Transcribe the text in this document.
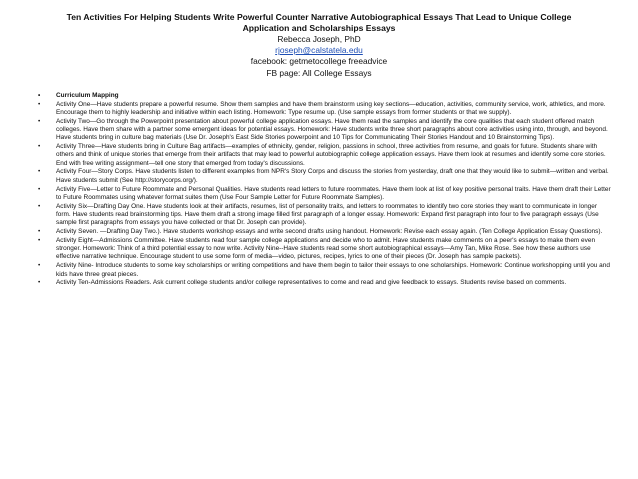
Ten Activities For Helping Students Write Powerful Counter Narrative Autobiographical Essays That Lead to Unique College Application and Scholarships Essays
Rebecca Joseph, PhD
rjoseph@calstatela.edu
facebook: getmetocollege freeadvice
FB page: All College Essays
• Curriculum Mapping
• Activity One—Have students prepare a powerful resume. Show them samples and have them brainstorm using key sections—education, activities, community service, work, athletics, and more. Encourage them to highly leadership and initiative within each listing. Homework: Type resume up. (Use sample essays from former students or that we supply).
• Activity Two—Go through the Powerpoint presentation about powerful college application essays. Have them read the samples and identify the core qualities that each student offered match colleges. Have them share with a partner some emergent ideas for potential essays. Homework: Have students write three short paragraphs about core activities using into, through, and beyond. Have students bring in culture bag materials (Use Dr. Joseph's East Side Stories powerpoint and 10 Tips for Communicating Their Stories Handout and 10 Brainstorming Tips).
• Activity Three—Have students bring in Culture Bag artifacts—examples of ethnicity, gender, religion, passions in school, three activities from resume, and goals for future. Students share with others and think of unique stories that emerge from their artifacts that may lead to powerful autobiographic college application essays. Have them look at resumes and identify some core stories. End with free writing assignment—tell one story that emerged from today's discussions.
• Activity Four—Story Corps. Have students listen to different examples from NPR's Story Corps and discuss the stories from yesterday, draft one that they would like to submit—written and verbal. Have students submit (See http://storycorps.org/).
• Activity Five—Letter to Future Roommate and Personal Qualities. Have students read letters to future roommates. Have them look at list of key positive personal traits. Have them draft their Letter to Future Roommates using whatever format suites them (Use Four Sample Letter for Future Roommate Samples).
• Activity Six—Drafting Day One. Have students look at their artifacts, resumes, list of personality traits, and letters to roommates to identify two core stories they want to communicate in longer form. Have students read brainstorming tips. Have them draft a strong image filled first paragraph of a longer essay. Homework: Expand first paragraph into four to five paragraph essays (Use sample first paragraphs from essays you have collected or that Dr. Joseph can provide).
• Activity Seven. —Drafting Day Two.). Have students workshop essays and write second drafts using handout. Homework: Revise each essay again. (Ten College Application Essay Questions).
• Activity Eight—Admissions Committee. Have students read four sample college applications and decide who to admit. Have students make comments on a peer's essays to make them even stronger. Homework: Think of a third potential essay to now write. Activity Nine--Have students read some short autobiographical essays—Amy Tan, Mike Rose. See how these authors use effective narrative technique. Encourage student to use some form of media—video, pictures, recipes, lyrics to one of their pieces (Dr. Joseph has sample packets).
• Activity Nine- Introduce students to some key scholarships or writing competitions and have them begin to tailor their essays to one scholarships. Homework: Continue workshopping until you and kids have three great pieces.
• Activity Ten-Admissions Readers. Ask current college students and/or college representatives to come and read and give feedback to essays. Students revise based on comments.
